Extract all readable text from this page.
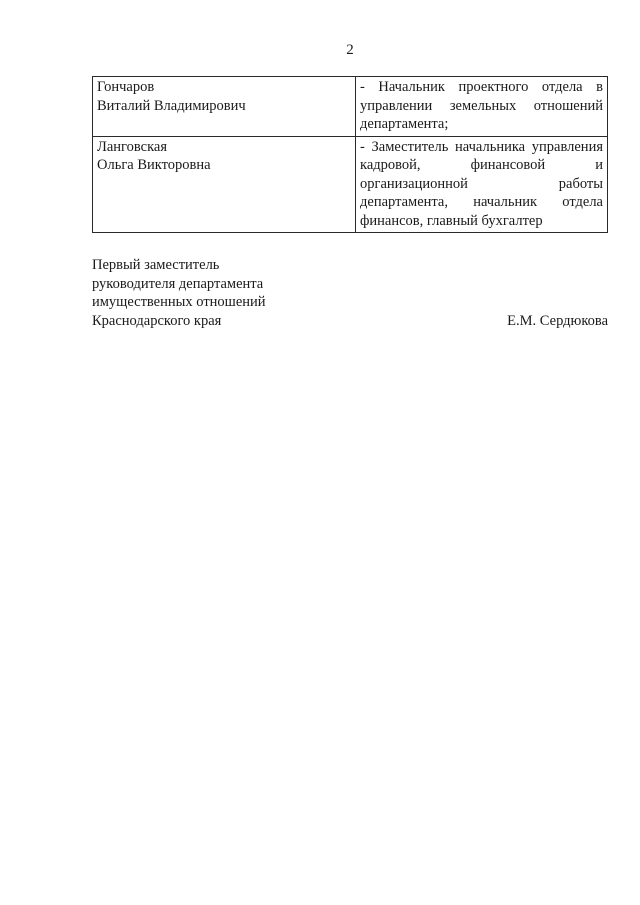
2
Гончаров
Виталий Владимирович	- Начальник проектного отдела в управлении земельных отношений департамента;

Ланговская
Ольга Викторовна	- Заместитель начальника управления кадровой, финансовой и организационной работы департамента, начальник отдела финансов, главный бухгалтер
Первый заместитель
руководителя департамента
имущественных отношений
Краснодарского края	Е.М. Сердюкова
